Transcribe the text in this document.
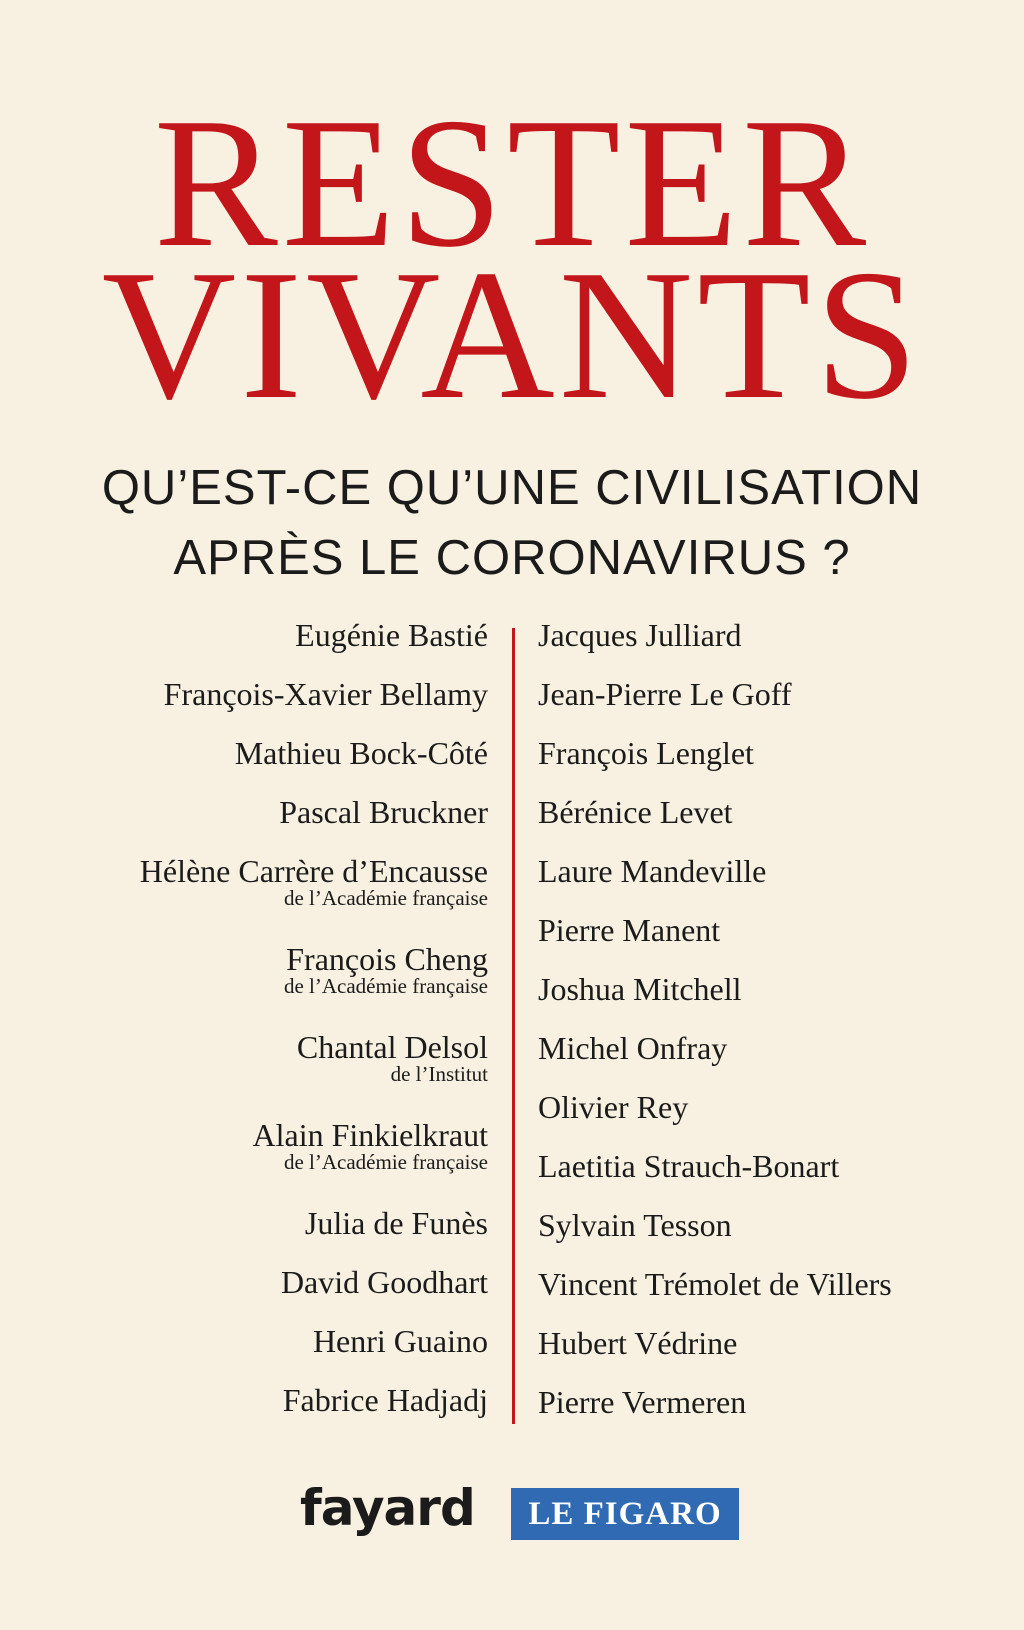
RESTER
VIVANTS
QU’EST-CE QU’UNE CIVILISATION
APRÈS LE CORONAVIRUS ?
Eugénie Bastié
François-Xavier Bellamy
Mathieu Bock-Côté
Pascal Bruckner
Hélène Carrère d’Encausse
de l’Académie française
François Cheng
de l’Académie française
Chantal Delsol
de l’Institut
Alain Finkielkraut
de l’Académie française
Julia de Funès
David Goodhart
Henri Guaino
Fabrice Hadjadj
Jacques Julliard
Jean-Pierre Le Goff
François Lenglet
Bérénice Levet
Laure Mandeville
Pierre Manent
Joshua Mitchell
Michel Onfray
Olivier Rey
Laetitia Strauch-Bonart
Sylvain Tesson
Vincent Trémolet de Villers
Hubert Védrine
Pierre Vermeren
fayard LE FIGARO
